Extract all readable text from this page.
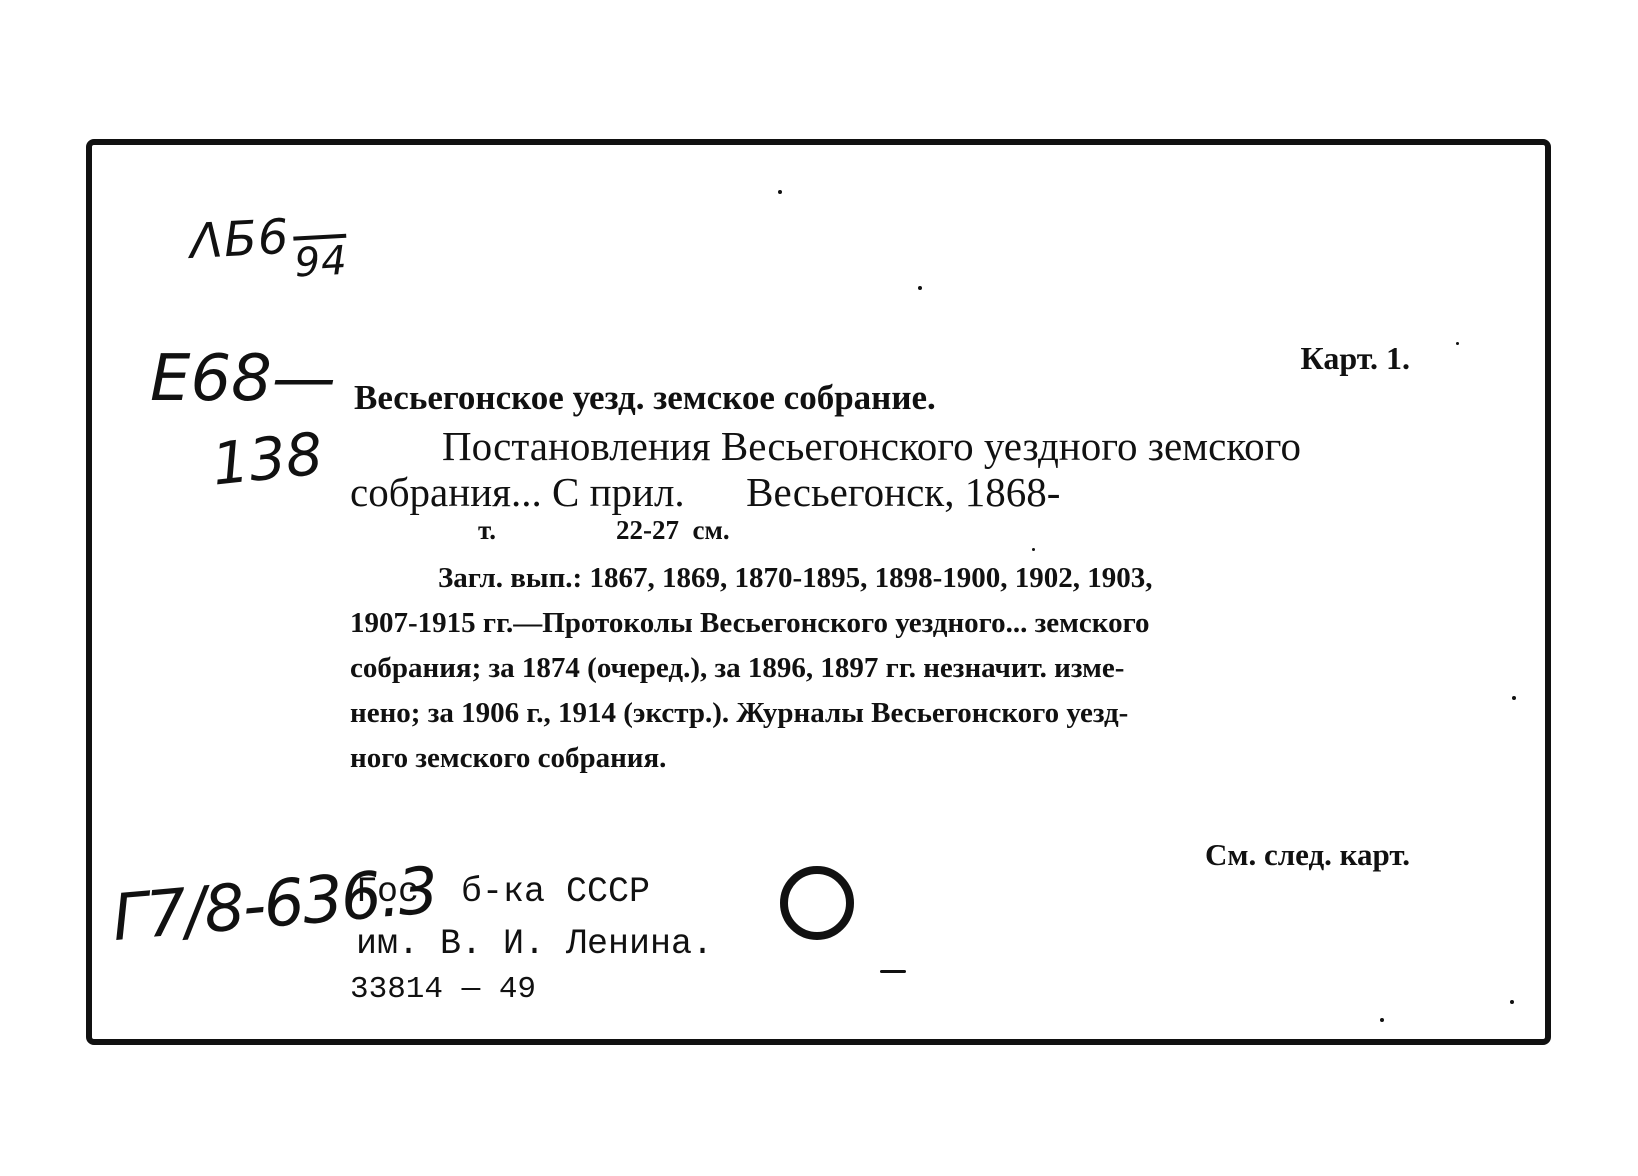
$\Lambda Б6_{94}$
E68—
138
Г7/8-636.3
Карт. 1.
Весьегонское уезд. земское собрание.
Постановления Весьегонского уездного земского
собрания... С прил.      Весьегонск, 1868-
т.	22-27  см.

Загл. вып.: 1867, 1869, 1870-1895, 1898-1900, 1902, 1903,

1907-1915 гг.—Протоколы Весьегонского уездного... земского

собрания; за 1874 (очеред.), за 1896, 1897 гг. незначит. изме-

нено; за 1906 г., 1914 (экстр.). Журналы Весьегонского уезд-

ного земского собрания.

См. след. карт.
Гос. б-ка СССР
им. В. И. Ленина.
33814 — 49
